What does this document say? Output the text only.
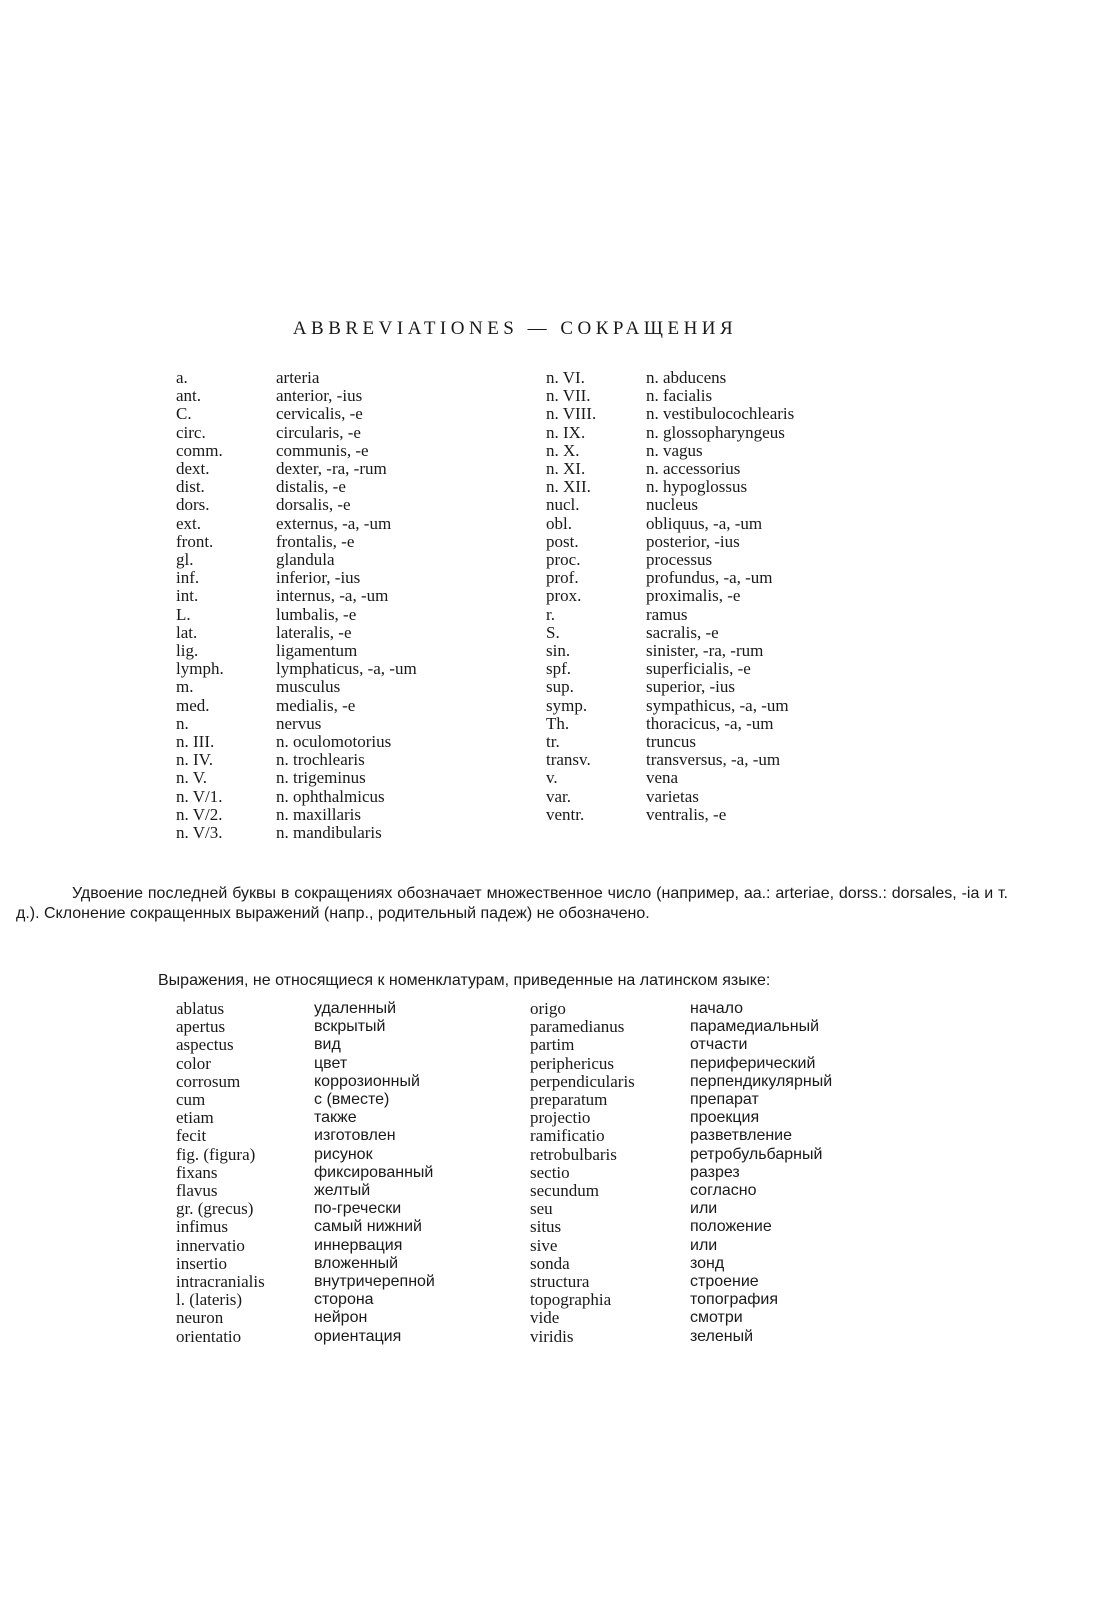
ABBREVIATIONES — СОКРАЩЕНИЯ
a.	arteria
ant.	anterior, -ius
C.	cervicalis, -e
circ.	circularis, -e
comm.	communis, -e
dext.	dexter, -ra, -rum
dist.	distalis, -e
dors.	dorsalis, -e
ext.	externus, -a, -um
front.	frontalis, -e
gl.	glandula
inf.	inferior, -ius
int.	internus, -a, -um
L.	lumbalis, -e
lat.	lateralis, -e
lig.	ligamentum
lymph.	lymphaticus, -a, -um
m.	musculus
med.	medialis, -e
n.	nervus
n. III.	n. oculomotorius
n. IV.	n. trochlearis
n. V.	n. trigeminus
n. V/1.	n. ophthalmicus
n. V/2.	n. maxillaris
n. V/3.	n. mandibularis
n. VI.	n. abducens
n. VII.	n. facialis
n. VIII.	n. vestibulocochlearis
n. IX.	n. glossopharyngeus
n. X.	n. vagus
n. XI.	n. accessorius
n. XII.	n. hypoglossus
nucl.	nucleus
obl.	obliquus, -a, -um
post.	posterior, -ius
proc.	processus
prof.	profundus, -a, -um
prox.	proximalis, -e
r.	ramus
S.	sacralis, -e
sin.	sinister, -ra, -rum
spf.	superficialis, -e
sup.	superior, -ius
symp.	sympathicus, -a, -um
Th.	thoracicus, -a, -um
tr.	truncus
transv.	transversus, -a, -um
v.	vena
var.	varietas
ventr.	ventralis, -e

Удвоение последней буквы в сокращениях обозначает множественное число (например, aa.: arteriae, dorss.: dorsales, -ia и т. д.). Склонение сокращенных выражений (напр., родительный падеж) не обозначено.

Выражения, не относящиеся к номенклатурам, приведенные на латинском языке:

ablatus	удаленный
apertus	вскрытый
aspectus	вид
color	цвет
corrosum	коррозионный
cum	с (вместе)
etiam	также
fecit	изготовлен
fig. (figura)	рисунок
fixans	фиксированный
flavus	желтый
gr. (grecus)	по-гречески
infimus	самый нижний
innervatio	иннервация
insertio	вложенный
intracranialis	внутричерепной
l. (lateris)	сторона
neuron	нейрон
orientatio	ориентация
origo	начало
paramedianus	парамедиальный
partim	отчасти
periphericus	периферический
perpendicularis	перпендикулярный
preparatum	препарат
projectio	проекция
ramificatio	разветвление
retrobulbaris	ретробульбарный
sectio	разрез
secundum	согласно
seu	или
situs	положение
sive	или
sonda	зонд
structura	строение
topographia	топография
vide	смотри
viridis	зеленый
